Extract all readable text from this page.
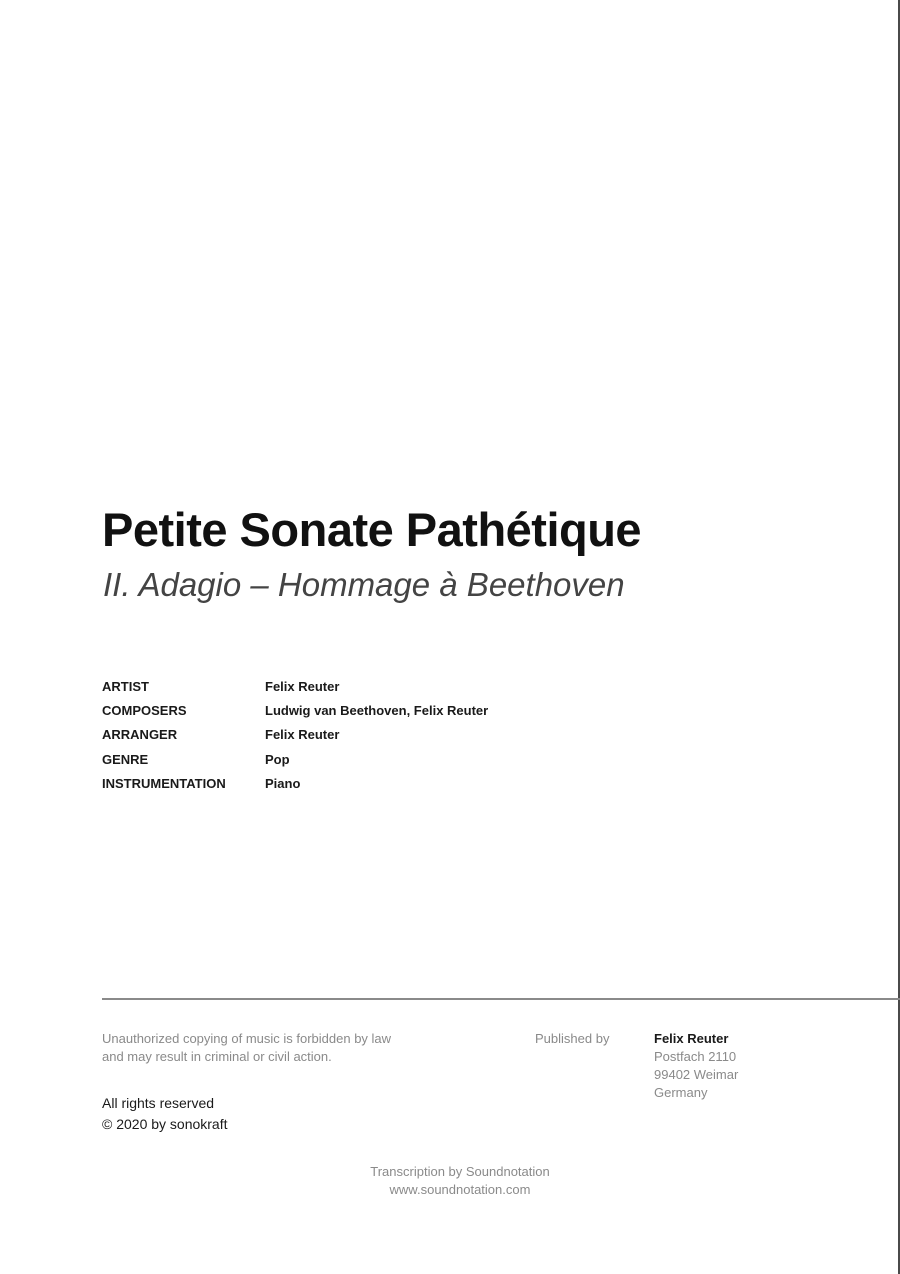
Petite Sonate Pathétique
II. Adagio – Hommage à Beethoven
ARTIST	Felix Reuter
COMPOSERS	Ludwig van Beethoven, Felix Reuter
ARRANGER	Felix Reuter
GENRE	Pop
INSTRUMENTATION	Piano
Unauthorized copying of music is forbidden by law
and may result in criminal or civil action.
All rights reserved
© 2020 by sonokraft
Published by	Felix Reuter
Postfach 2110
99402 Weimar
Germany
Transcription by Soundnotation
www.soundnotation.com
